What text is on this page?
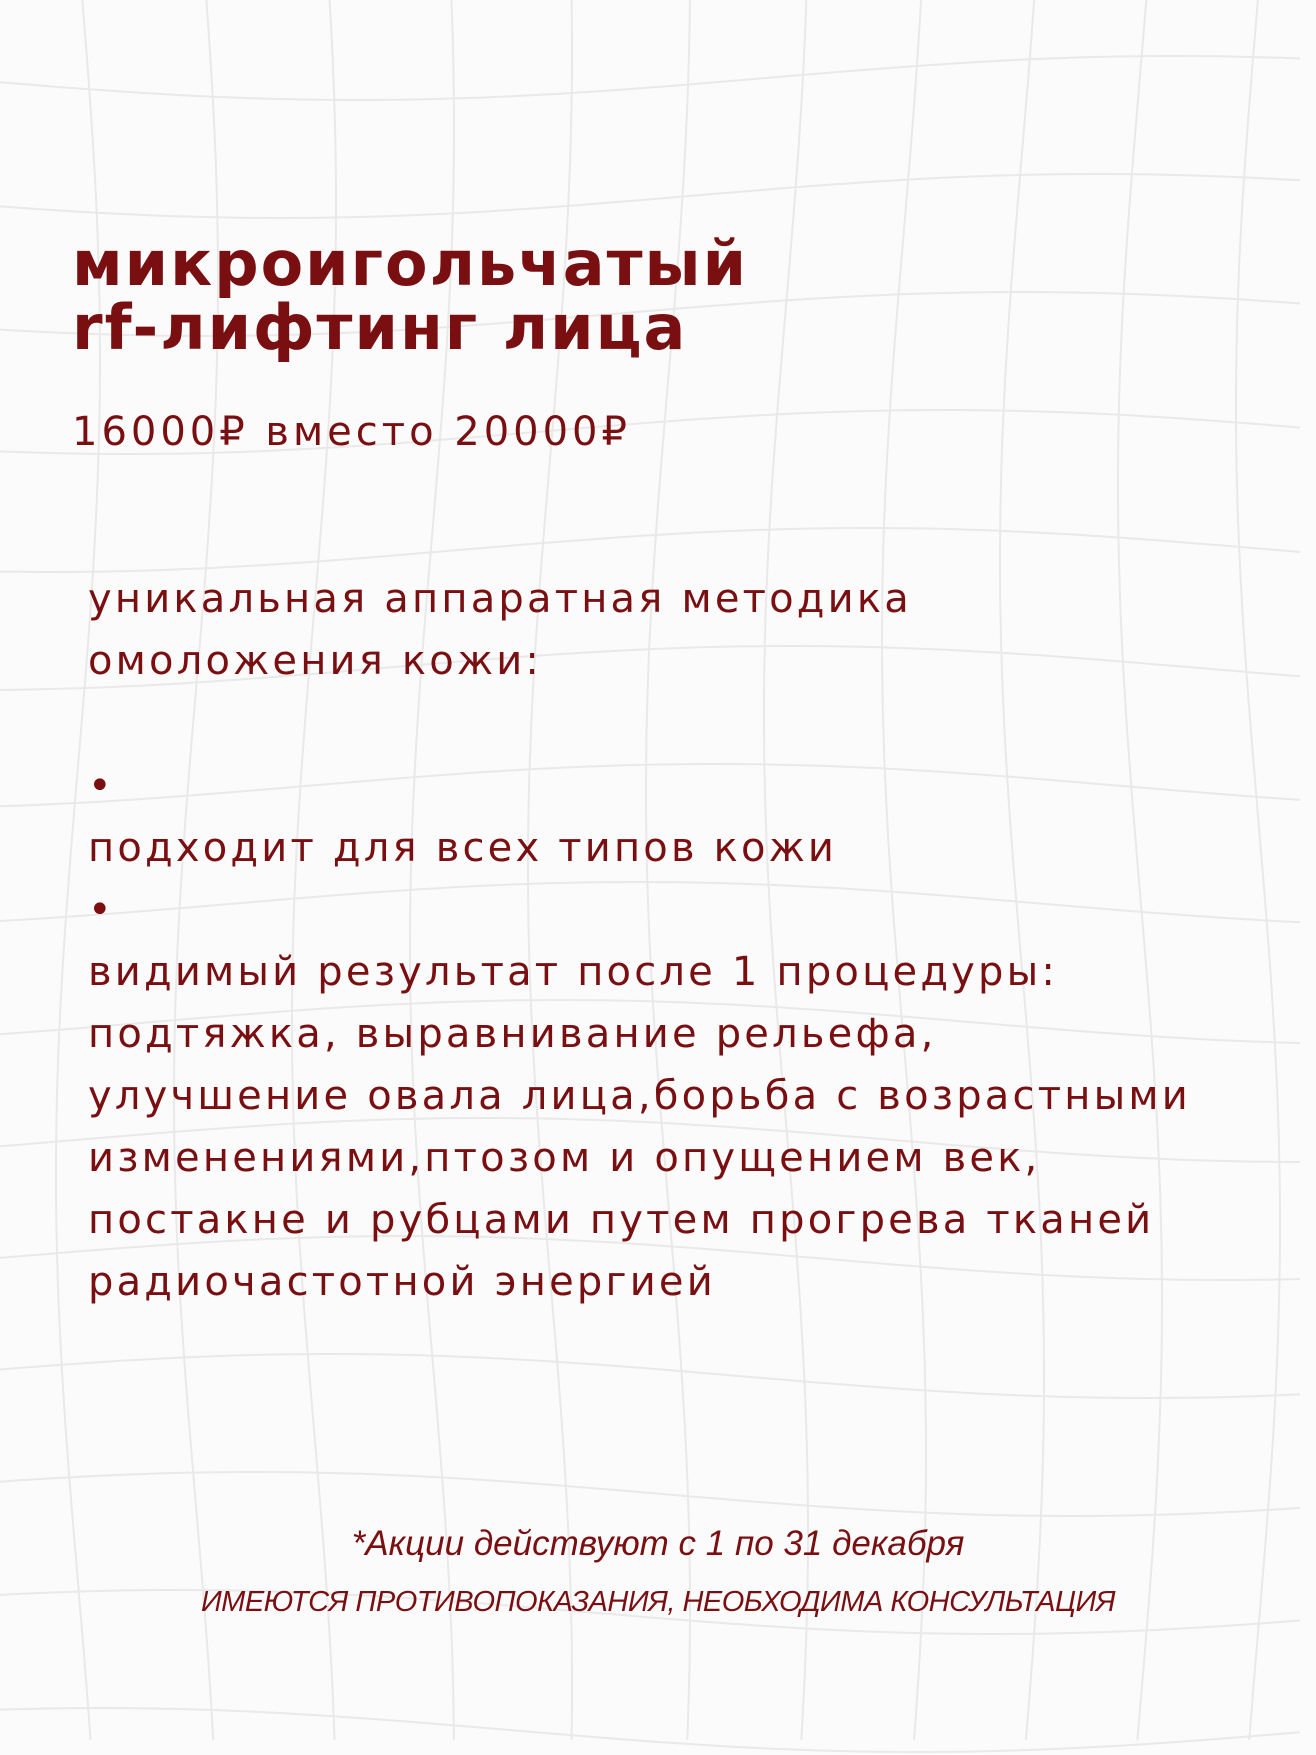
микроигольчатый
rf-лифтинг лица
16000₽ вместо 20000₽
уникальная аппаратная методика
омоложения кожи:
•
подходит для всех типов кожи
•
видимый результат после 1 процедуры:
подтяжка, выравнивание рельефа,
улучшение овала лица,борьба с возрастными
изменениями,птозом и опущением век,
постакне и рубцами путем прогрева тканей
радиочастотной энергией
*Акции действуют с 1 по 31 декабря
ИМЕЮТСЯ ПРОТИВОПОКАЗАНИЯ, НЕОБХОДИМА КОНСУЛЬТАЦИЯ
